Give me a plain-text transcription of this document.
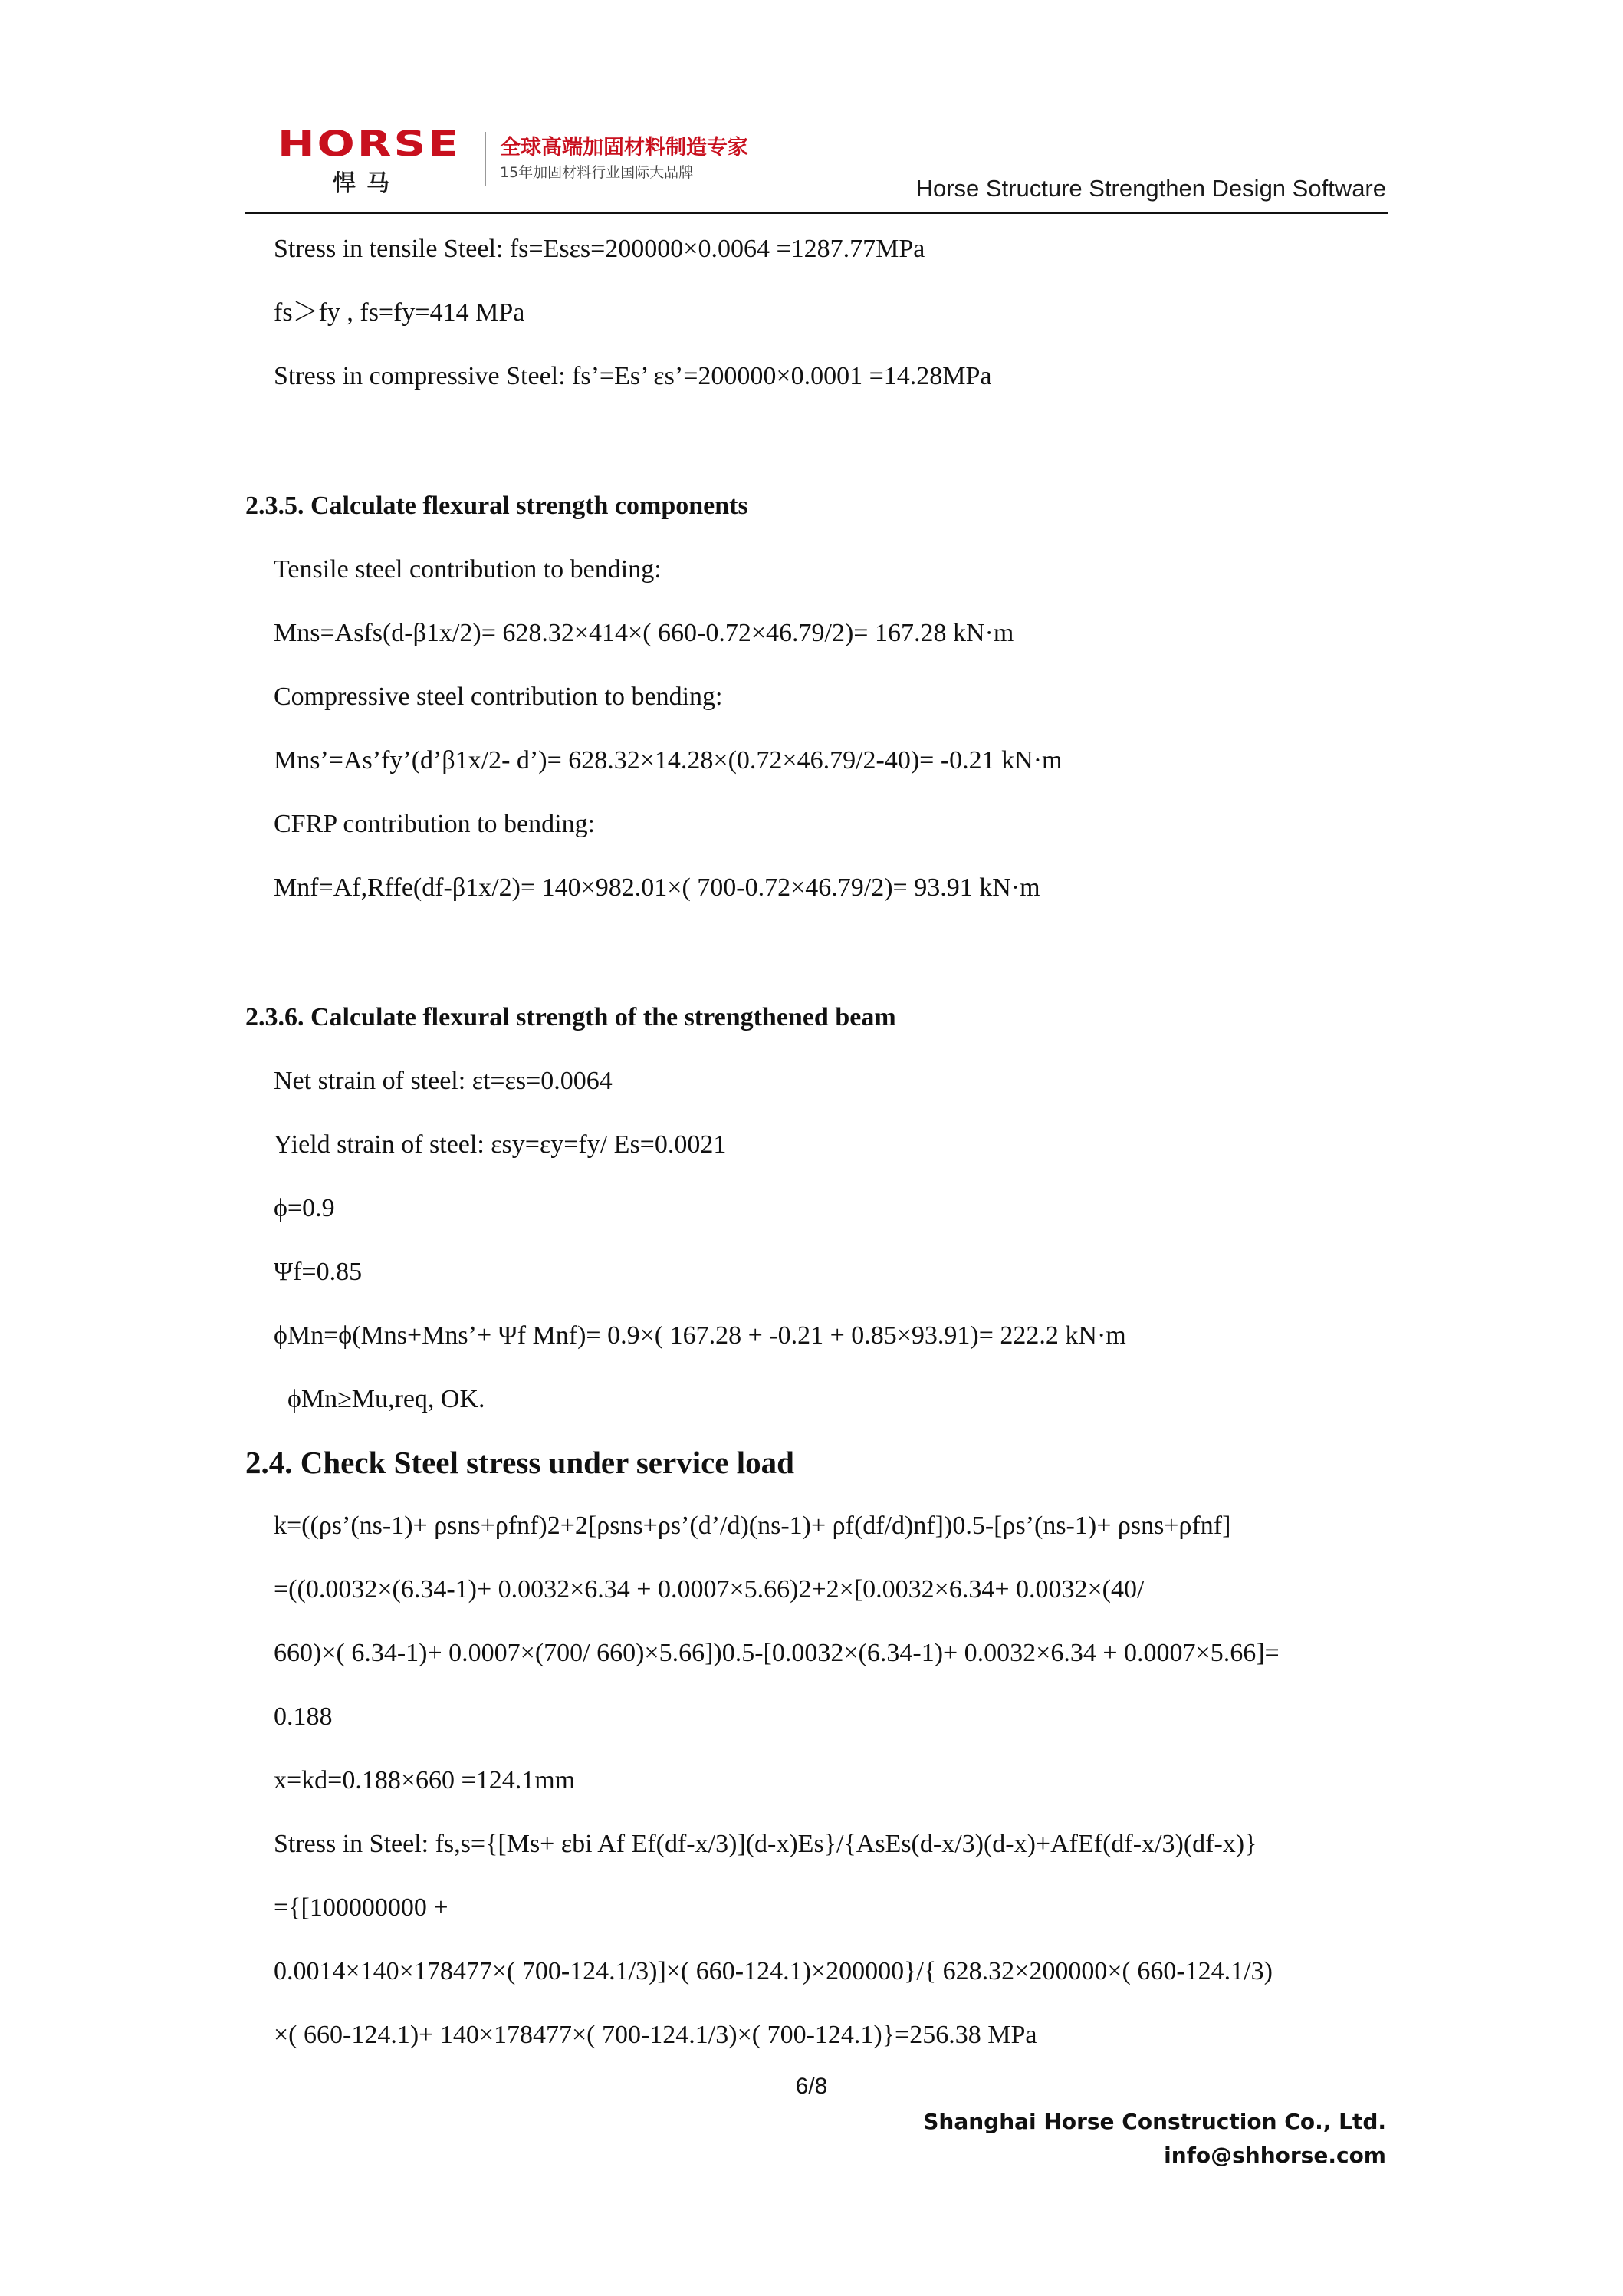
HORSE
悍马
全球高端加固材料制造专家
15年加固材料行业国际大品牌
Horse Structure Strengthen Design Software
Stress in tensile Steel: fs=Esεs=200000×0.0064 =1287.77MPa
fs＞fy , fs=fy=414 MPa
Stress in compressive Steel: fs’=Es’ εs’=200000×0.0001 =14.28MPa
2.3.5. Calculate flexural strength components
Tensile steel contribution to bending:
Mns=Asfs(d-β1x/2)= 628.32×414×( 660-0.72×46.79/2)= 167.28 kN·m
Compressive steel contribution to bending:
Mns’=As’fy’(d’β1x/2- d’)= 628.32×14.28×(0.72×46.79/2-40)= -0.21 kN·m
CFRP contribution to bending:
Mnf=Af,Rffe(df-β1x/2)= 140×982.01×( 700-0.72×46.79/2)= 93.91 kN·m
2.3.6. Calculate flexural strength of the strengthened beam
Net strain of steel: εt=εs=0.0064
Yield strain of steel: εsy=εy=fy/ Es=0.0021
ϕ=0.9
Ψf=0.85
ϕMn=ϕ(Mns+Mns’+ Ψf Mnf)= 0.9×( 167.28 + -0.21 + 0.85×93.91)= 222.2 kN·m
ϕMn≥Mu,req, OK.
2.4. Check Steel stress under service load
k=((ρs’(ns-1)+ ρsns+ρfnf)2+2[ρsns+ρs’(d’/d)(ns-1)+ ρf(df/d)nf])0.5-[ρs’(ns-1)+ ρsns+ρfnf]
=((0.0032×(6.34-1)+ 0.0032×6.34 + 0.0007×5.66)2+2×[0.0032×6.34+ 0.0032×(40/
660)×( 6.34-1)+ 0.0007×(700/ 660)×5.66])0.5-[0.0032×(6.34-1)+ 0.0032×6.34 + 0.0007×5.66]=
0.188
x=kd=0.188×660 =124.1mm
Stress in Steel: fs,s={[Ms+ εbi Af Ef(df-x/3)](d-x)Es}/{AsEs(d-x/3)(d-x)+AfEf(df-x/3)(df-x)}
={[100000000 +
0.0014×140×178477×( 700-124.1/3)]×( 660-124.1)×200000}/{ 628.32×200000×( 660-124.1/3)
×( 660-124.1)+ 140×178477×( 700-124.1/3)×( 700-124.1)}=256.38 MPa
6/8
Shanghai Horse Construction Co., Ltd.
info@shhorse.com
